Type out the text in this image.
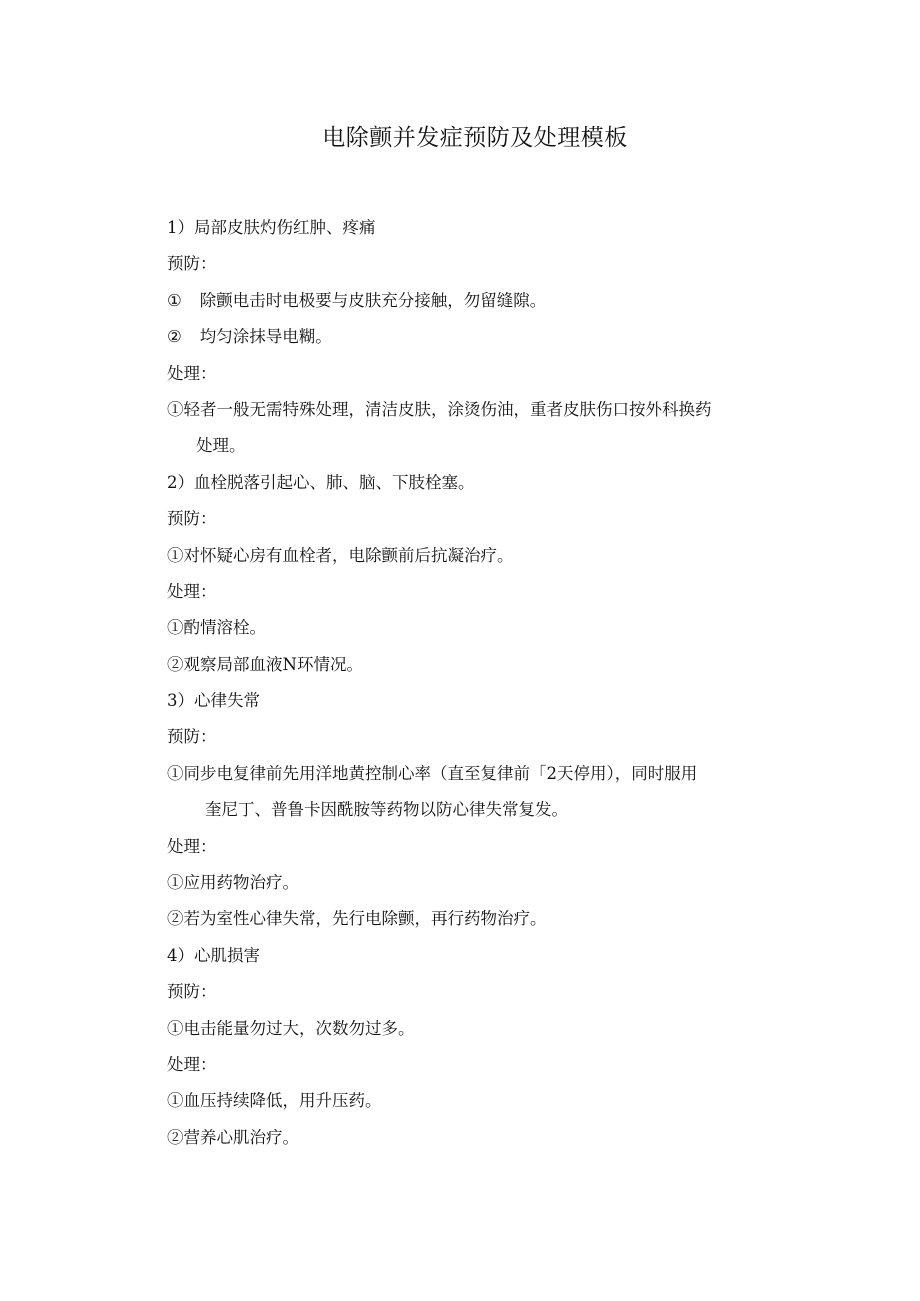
电除颤并发症预防及处理模板
1）局部皮肤灼伤红肿、疼痛
预防：
① 除颤电击时电极要与皮肤充分接触，勿留缝隙。
② 均匀涂抹导电糊。
处理：
①轻者一般无需特殊处理，清洁皮肤，涂烫伤油，重者皮肤伤口按外科换药
处理。
2）血栓脱落引起心、肺、脑、下肢栓塞。
预防：
①对怀疑心房有血栓者，电除颤前后抗凝治疗。
处理：
①酌情溶栓。
②观察局部血液N环情况。
3）心律失常
预防：
①同步电复律前先用洋地黄控制心率（直至复律前「2天停用），同时服用
奎尼丁、普鲁卡因酰胺等药物以防心律失常复发。
处理：
①应用药物治疗。
②若为室性心律失常，先行电除颤，再行药物治疗。
4）心肌损害
预防：
①电击能量勿过大，次数勿过多。
处理：
①血压持续降低，用升压药。
②营养心肌治疗。
